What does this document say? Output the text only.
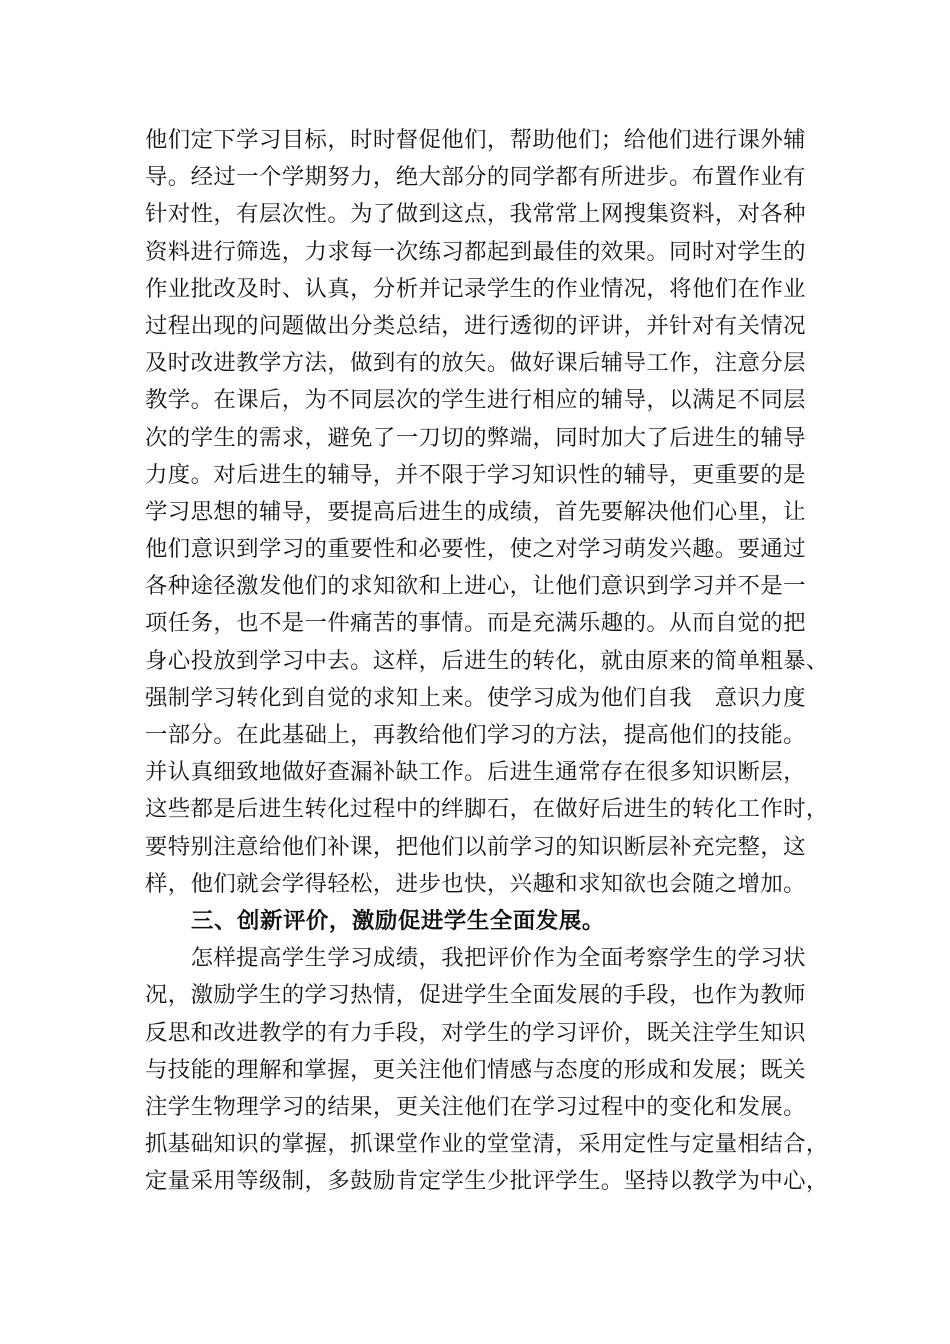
他们定下学习目标，时时督促他们，帮助他们；给他们进行课外辅
导。经过一个学期努力，绝大部分的同学都有所进步。布置作业有
针对性，有层次性。为了做到这点，我常常上网搜集资料，对各种
资料进行筛选，力求每一次练习都起到最佳的效果。同时对学生的
作业批改及时、认真，分析并记录学生的作业情况，将他们在作业
过程出现的问题做出分类总结，进行透彻的评讲，并针对有关情况
及时改进教学方法，做到有的放矢。做好课后辅导工作，注意分层
教学。在课后，为不同层次的学生进行相应的辅导，以满足不同层
次的学生的需求，避免了一刀切的弊端，同时加大了后进生的辅导
力度。对后进生的辅导，并不限于学习知识性的辅导，更重要的是
学习思想的辅导，要提高后进生的成绩，首先要解决他们心里，让
他们意识到学习的重要性和必要性，使之对学习萌发兴趣。要通过
各种途径激发他们的求知欲和上进心，让他们意识到学习并不是一
项任务，也不是一件痛苦的事情。而是充满乐趣的。从而自觉的把
身心投放到学习中去。这样，后进生的转化，就由原来的简单粗暴、
强制学习转化到自觉的求知上来。使学习成为他们自我　意识力度
一部分。在此基础上，再教给他们学习的方法，提高他们的技能。
并认真细致地做好查漏补缺工作。后进生通常存在很多知识断层，
这些都是后进生转化过程中的绊脚石，在做好后进生的转化工作时，
要特别注意给他们补课，把他们以前学习的知识断层补充完整，这
样，他们就会学得轻松，进步也快，兴趣和求知欲也会随之增加。
　　三、创新评价，激励促进学生全面发展。
　　怎样提高学生学习成绩，我把评价作为全面考察学生的学习状
况，激励学生的学习热情，促进学生全面发展的手段，也作为教师
反思和改进教学的有力手段，对学生的学习评价，既关注学生知识
与技能的理解和掌握，更关注他们情感与态度的形成和发展；既关
注学生物理学习的结果，更关注他们在学习过程中的变化和发展。
抓基础知识的掌握，抓课堂作业的堂堂清，采用定性与定量相结合，
定量采用等级制，多鼓励肯定学生少批评学生。坚持以教学为中心，
